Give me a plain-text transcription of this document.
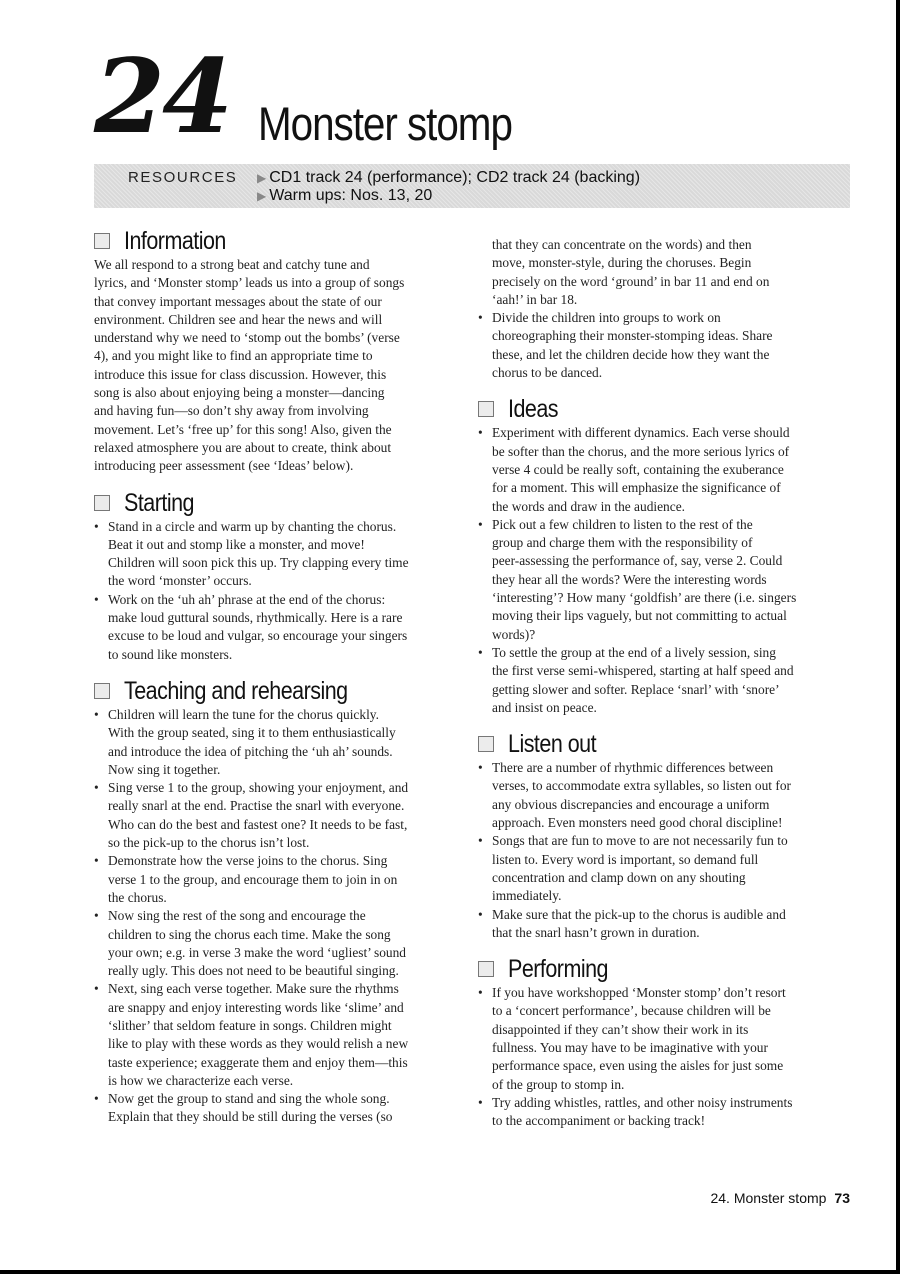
24 Monster stomp
RESOURCES ▶ CD1 track 24 (performance); CD2 track 24 (backing)
▶ Warm ups: Nos. 13, 20
Information
We all respond to a strong beat and catchy tune and
lyrics, and ‘Monster stomp’ leads us into a group of songs
that convey important messages about the state of our
environment. Children see and hear the news and will
understand why we need to ‘stomp out the bombs’ (verse
4), and you might like to find an appropriate time to
introduce this issue for class discussion. However, this
song is also about enjoying being a monster—dancing
and having fun—so don’t shy away from involving
movement. Let’s ‘free up’ for this song! Also, given the
relaxed atmosphere you are about to create, think about
introducing peer assessment (see ‘Ideas’ below).
Starting
• Stand in a circle and warm up by chanting the chorus.
Beat it out and stomp like a monster, and move!
Children will soon pick this up. Try clapping every time
the word ‘monster’ occurs.
• Work on the ‘uh ah’ phrase at the end of the chorus:
make loud guttural sounds, rhythmically. Here is a rare
excuse to be loud and vulgar, so encourage your singers
to sound like monsters.
Teaching and rehearsing
• Children will learn the tune for the chorus quickly.
With the group seated, sing it to them enthusiastically
and introduce the idea of pitching the ‘uh ah’ sounds.
Now sing it together.
• Sing verse 1 to the group, showing your enjoyment, and
really snarl at the end. Practise the snarl with everyone.
Who can do the best and fastest one? It needs to be fast,
so the pick-up to the chorus isn’t lost.
• Demonstrate how the verse joins to the chorus. Sing
verse 1 to the group, and encourage them to join in on
the chorus.
• Now sing the rest of the song and encourage the
children to sing the chorus each time. Make the song
your own; e.g. in verse 3 make the word ‘ugliest’ sound
really ugly. This does not need to be beautiful singing.
• Next, sing each verse together. Make sure the rhythms
are snappy and enjoy interesting words like ‘slime’ and
‘slither’ that seldom feature in songs. Children might
like to play with these words as they would relish a new
taste experience; exaggerate them and enjoy them—this
is how we characterize each verse.
• Now get the group to stand and sing the whole song.
Explain that they should be still during the verses (so
that they can concentrate on the words) and then
move, monster-style, during the choruses. Begin
precisely on the word ‘ground’ in bar 11 and end on
‘aah!’ in bar 18.
• Divide the children into groups to work on
choreographing their monster-stomping ideas. Share
these, and let the children decide how they want the
chorus to be danced.
Ideas
• Experiment with different dynamics. Each verse should
be softer than the chorus, and the more serious lyrics of
verse 4 could be really soft, containing the exuberance
for a moment. This will emphasize the significance of
the words and draw in the audience.
• Pick out a few children to listen to the rest of the
group and charge them with the responsibility of
peer-assessing the performance of, say, verse 2. Could
they hear all the words? Were the interesting words
‘interesting’? How many ‘goldfish’ are there (i.e. singers
moving their lips vaguely, but not committing to actual
words)?
• To settle the group at the end of a lively session, sing
the first verse semi-whispered, starting at half speed and
getting slower and softer. Replace ‘snarl’ with ‘snore’
and insist on peace.
Listen out
• There are a number of rhythmic differences between
verses, to accommodate extra syllables, so listen out for
any obvious discrepancies and encourage a uniform
approach. Even monsters need good choral discipline!
• Songs that are fun to move to are not necessarily fun to
listen to. Every word is important, so demand full
concentration and clamp down on any shouting
immediately.
• Make sure that the pick-up to the chorus is audible and
that the snarl hasn’t grown in duration.
Performing
• If you have workshopped ‘Monster stomp’ don’t resort
to a ‘concert performance’, because children will be
disappointed if they can’t show their work in its
fullness. You may have to be imaginative with your
performance space, even using the aisles for just some
of the group to stomp in.
• Try adding whistles, rattles, and other noisy instruments
to the accompaniment or backing track!
24. Monster stomp 73
